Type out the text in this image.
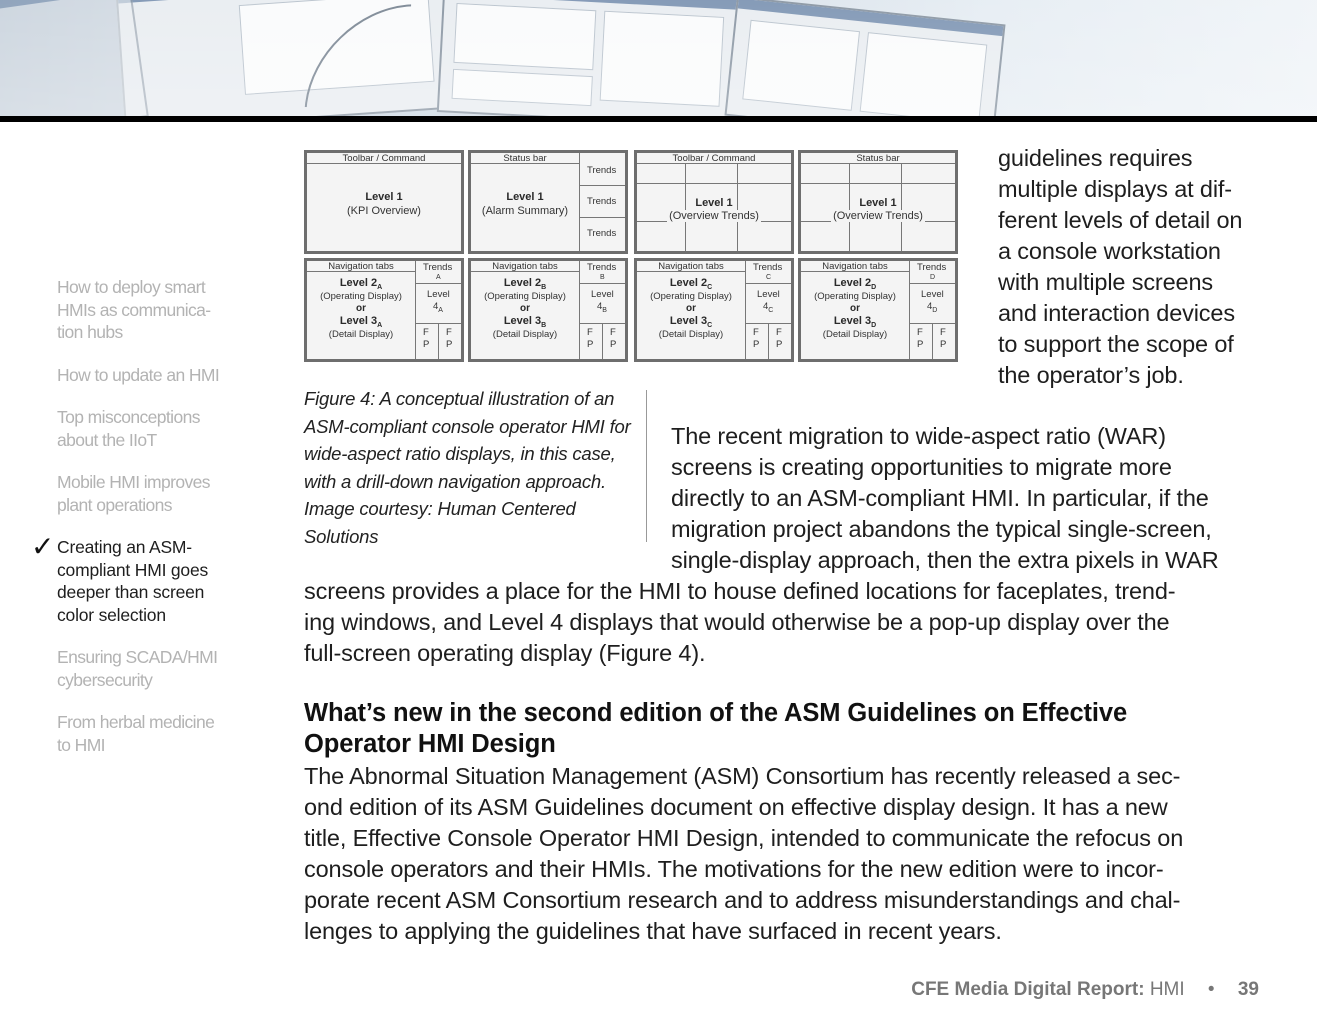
How to deploy smart
HMIs as communica-
tion hubs
How to update an HMI
Top misconceptions
about the IIoT
Mobile HMI improves
plant operations
✓ Creating an ASM-
compliant HMI goes
deeper than screen
color selection
Ensuring SCADA/HMI
cybersecurity
From herbal medicine
to HMI
Toolbar / Command
Level 1
(KPI Overview)
Navigation tabs	Trends
A
Level
$4_A$
F
P
F
P
Level $2_A$
(Operating Display)
or
Level $3_A$
(Detail Display)
Status bar
Trends
Trends
Trends
Level 1
(Alarm Summary)
Navigation tabs	Trends
B
Level
$4_B$
F
P
F
P
Level $2_B$
(Operating Display)
or
Level $3_B$
(Detail Display)
Toolbar / Command
Level 1
(Overview Trends)
Navigation tabs	Trends
C
Level
$4_C$
F
P
F
P
Level $2_C$
(Operating Display)
or
Level $3_C$
(Detail Display)
Status bar
Level 1
(Overview Trends)
Navigation tabs	Trends
D
Level
$4_D$
F
P
F
P
Level $2_D$
(Operating Display)
or
Level $3_D$
(Detail Display)

Figure 4: A conceptual illustration of an ASM-compliant console operator HMI for wide-aspect ratio displays, in this case, with a drill-down navigation approach. Image courtesy: Human Centered Solutions

guidelines requires
multiple displays at dif-
ferent levels of detail on
a console workstation
with multiple screens
and interaction devices
to support the scope of
the operator’s job.
The recent migration to wide-aspect ratio (WAR)
screens is creating opportunities to migrate more
directly to an ASM-compliant HMI. In particular, if the
migration project abandons the typical single-screen,
single-display approach, then the extra pixels in WAR
screens provides a place for the HMI to house defined locations for faceplates, trend-
ing windows, and Level 4 displays that would otherwise be a pop-up display over the
full-screen operating display (Figure 4).
What’s new in the second edition of the ASM Guidelines on Effective
Operator HMI Design
The Abnormal Situation Management (ASM) Consortium has recently released a sec-
ond edition of its ASM Guidelines document on effective display design. It has a new
title, Effective Console Operator HMI Design, intended to communicate the refocus on
console operators and their HMIs. The motivations for the new edition were to incor-
porate recent ASM Consortium research and to address misunderstandings and chal-
lenges to applying the guidelines that have surfaced in recent years.
CFE Media Digital Report: HMI • 39
